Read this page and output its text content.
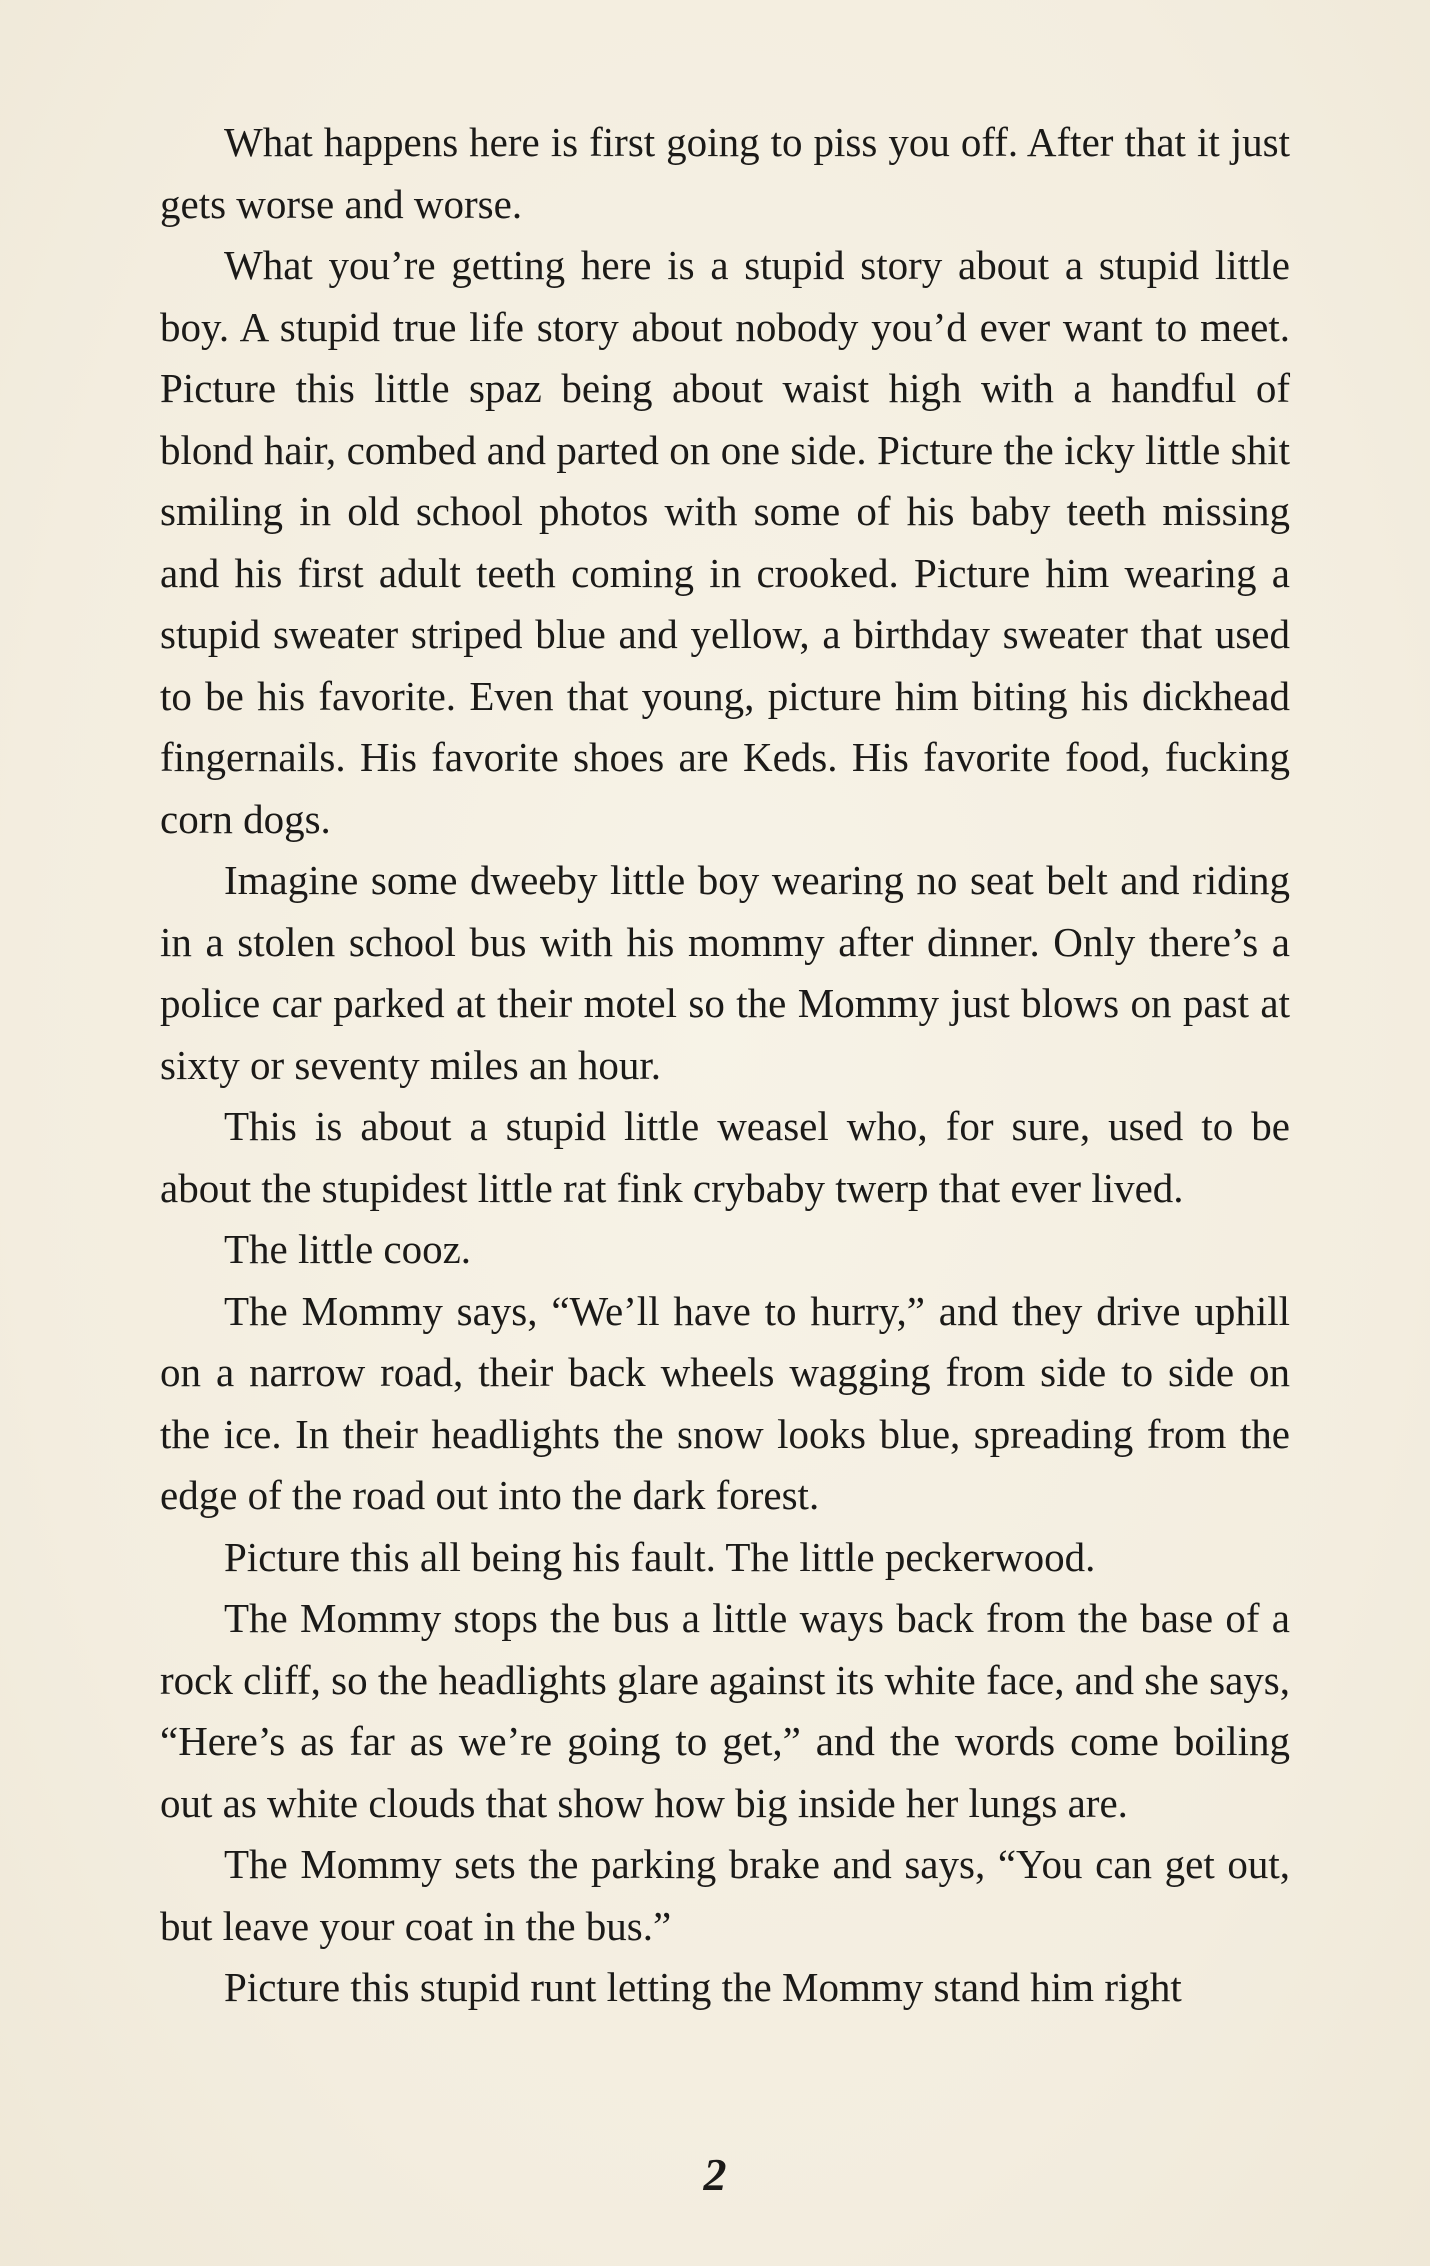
What happens here is first going to piss you off. After that it just gets worse and worse.

What you’re getting here is a stupid story about a stupid little boy. A stupid true life story about nobody you’d ever want to meet. Picture this little spaz being about waist high with a handful of blond hair, combed and parted on one side. Picture the icky little shit smiling in old school photos with some of his baby teeth missing and his first adult teeth coming in crooked. Picture him wearing a stupid sweater striped blue and yellow, a birthday sweater that used to be his favorite. Even that young, picture him biting his dickhead fingernails. His favorite shoes are Keds. His favorite food, fucking corn dogs.

Imagine some dweeby little boy wearing no seat belt and riding in a stolen school bus with his mommy after dinner. Only there’s a police car parked at their motel so the Mommy just blows on past at sixty or seventy miles an hour.

This is about a stupid little weasel who, for sure, used to be about the stupidest little rat fink crybaby twerp that ever lived.

The little cooz.

The Mommy says, “We’ll have to hurry,” and they drive uphill on a narrow road, their back wheels wagging from side to side on the ice. In their headlights the snow looks blue, spreading from the edge of the road out into the dark forest.

Picture this all being his fault. The little peckerwood.

The Mommy stops the bus a little ways back from the base of a rock cliff, so the headlights glare against its white face, and she says, “Here’s as far as we’re going to get,” and the words come boiling out as white clouds that show how big inside her lungs are.

The Mommy sets the parking brake and says, “You can get out, but leave your coat in the bus.”

Picture this stupid runt letting the Mommy stand him right

2
